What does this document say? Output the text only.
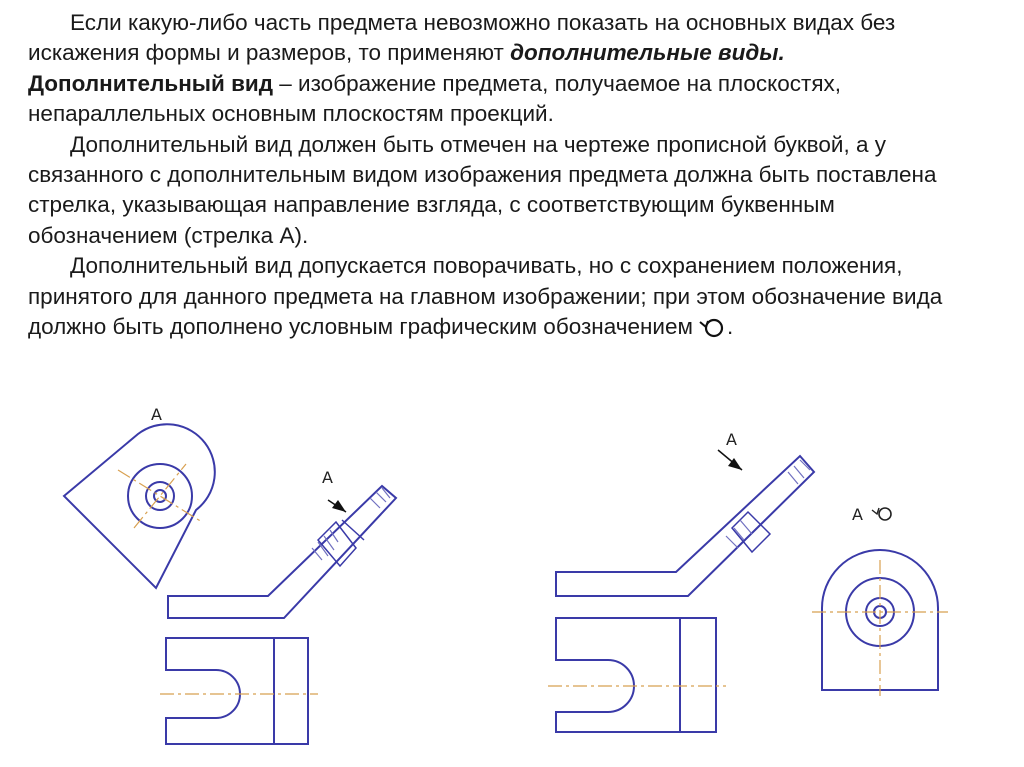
Если какую-либо часть предмета невозможно показать на основных видах без искажения формы и размеров, то применяют дополнительные виды.
Дополнительный вид – изображение предмета, получаемое на плоскостях, непараллельных основным плоскостям проекций.

Дополнительный вид должен быть отмечен на чертеже прописной буквой, а у связанного с дополнительным видом изображения предмета должна быть поставлена стрелка, указывающая направление взгляда, с соответствующим буквенным обозначением (стрелка А).

Дополнительный вид допускается поворачивать, но с сохранением положения, принятого для данного предмета на главном изображении; при этом обозначение вида должно быть дополнено условным графическим обозначением .

А
А
А
А
